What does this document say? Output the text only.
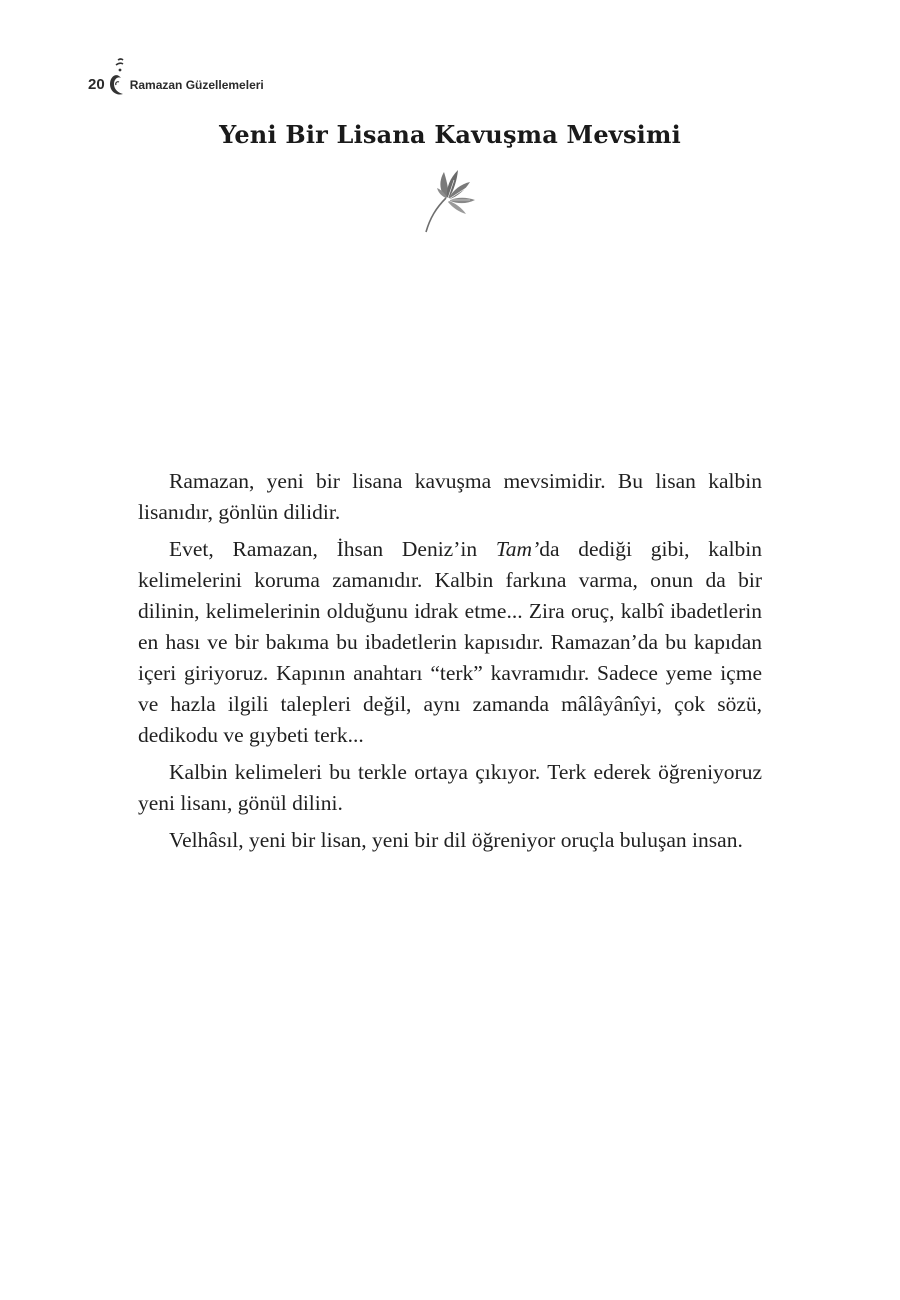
20 Ramazan Güzellemeleri
Yeni Bir Lisana Kavuşma Mevsimi

Ramazan, yeni bir lisana kavuşma mevsimidir. Bu lisan kalbin lisanıdır, gönlün dilidir.

Evet, Ramazan, İhsan Deniz’in Tam’da dediği gibi, kalbin kelimelerini koruma zamanıdır. Kalbin farkına varma, onun da bir dilinin, kelimelerinin olduğunu idrak etme... Zira oruç, kalbî ibadetlerin en hası ve bir bakıma bu ibadetlerin kapısıdır. Ramazan’da bu kapıdan içeri giriyoruz. Kapının anahtarı “terk” kavramıdır. Sadece yeme içme ve hazla ilgili talepleri değil, aynı zamanda mâlâyânîyi, çok sözü, dedikodu ve gıybeti terk...

Kalbin kelimeleri bu terkle ortaya çıkıyor. Terk ederek öğreniyoruz yeni lisanı, gönül dilini.

Velhâsıl, yeni bir lisan, yeni bir dil öğreniyor oruçla buluşan insan.
